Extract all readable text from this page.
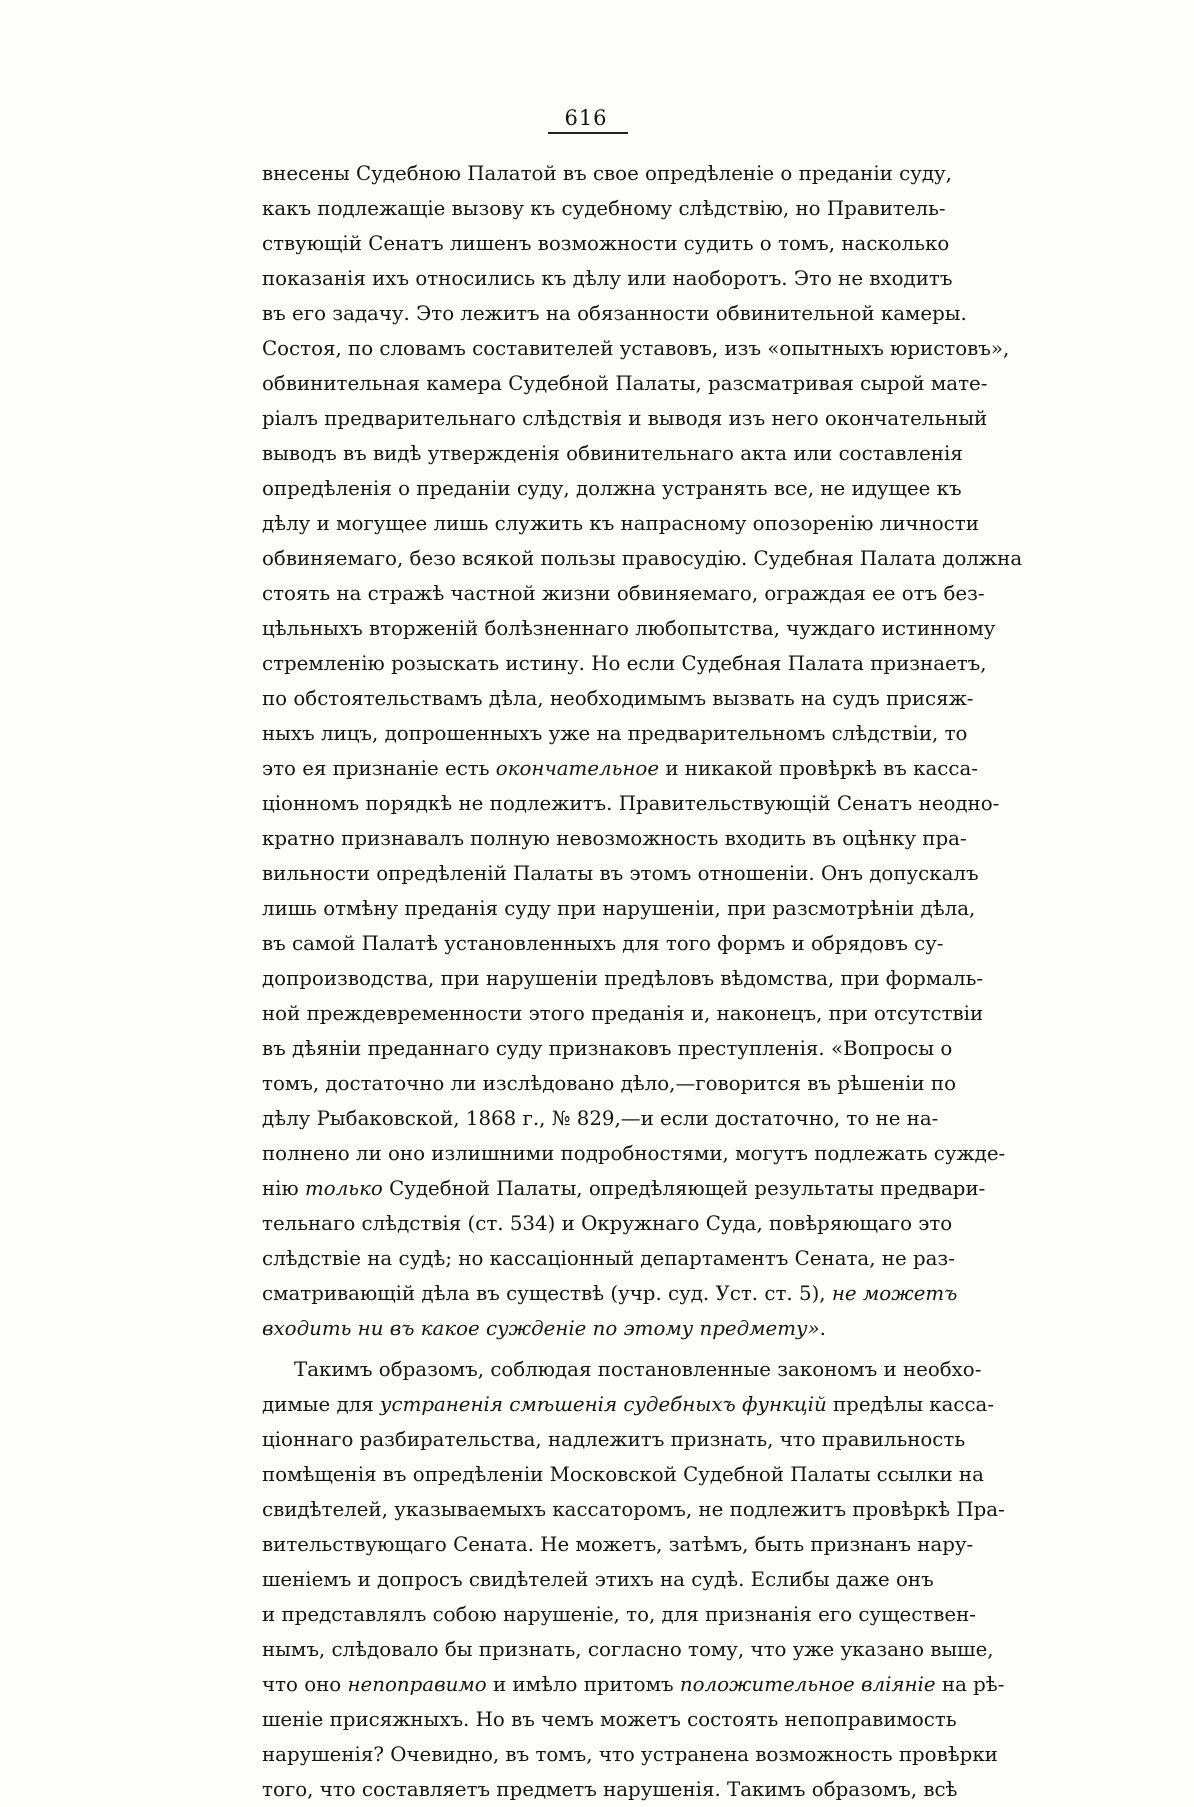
616
внесены Судебною Палатой въ свое опредѣленіе о преданіи суду,
какъ подлежащіе вызову къ судебному слѣдствію, но Правитель-
ствующій Сенатъ лишенъ возможности судить о томъ, насколько
показанія ихъ относились къ дѣлу или наоборотъ. Это не входитъ
въ его задачу. Это лежитъ на обязанности обвинительной камеры.
Состоя, по словамъ составителей уставовъ, изъ «опытныхъ юристовъ»,
обвинительная камера Судебной Палаты, разсматривая сырой мате-
ріалъ предварительнаго слѣдствія и выводя изъ него окончательный
выводъ въ видѣ утвержденія обвинительнаго акта или составленія
опредѣленія о преданіи суду, должна устранять все, не идущее къ
дѣлу и могущее лишь служить къ напрасному опозоренію личности
обвиняемаго, безо всякой пользы правосудію. Судебная Палата должна
стоять на стражѣ частной жизни обвиняемаго, ограждая ее отъ без-
цѣльныхъ вторженій болѣзненнаго любопытства, чуждаго истинному
стремленію розыскать истину. Но если Судебная Палата признаетъ,
по обстоятельствамъ дѣла, необходимымъ вызвать на судъ присяж-
ныхъ лицъ, допрошенныхъ уже на предварительномъ слѣдствіи, то
это ея признаніе есть окончательное и никакой провѣркѣ въ касса-
ціонномъ порядкѣ не подлежитъ. Правительствующій Сенатъ неодно-
кратно признавалъ полную невозможность входить въ оцѣнку пра-
вильности опредѣленій Палаты въ этомъ отношеніи. Онъ допускалъ
лишь отмѣну преданія суду при нарушеніи, при разсмотрѣніи дѣла,
въ самой Палатѣ установленныхъ для того формъ и обрядовъ су-
допроизводства, при нарушеніи предѣловъ вѣдомства, при формаль-
ной преждевременности этого преданія и, наконецъ, при отсутствіи
въ дѣяніи преданнаго суду признаковъ преступленія. «Вопросы о
томъ, достаточно ли изслѣдовано дѣло,—говорится въ рѣшеніи по
дѣлу Рыбаковской, 1868 г., № 829,—и если достаточно, то не на-
полнено ли оно излишними подробностями, могутъ подлежать сужде-
нію только Судебной Палаты, опредѣляющей результаты предвари-
тельнаго слѣдствія (ст. 534) и Окружнаго Суда, повѣряющаго это
слѣдствіе на судѣ; но кассаціонный департаментъ Сената, не раз-
сматривающій дѣла въ существѣ (учр. суд. Уст. ст. 5), не можетъ
входить ни въ какое сужденіе по этому предмету».
Такимъ образомъ, соблюдая постановленные закономъ и необхо-
димые для устраненія смѣшенія судебныхъ функцій предѣлы касса-
ціоннаго разбирательства, надлежитъ признать, что правильность
помѣщенія въ опредѣленіи Московской Судебной Палаты ссылки на
свидѣтелей, указываемыхъ кассаторомъ, не подлежитъ провѣркѣ Пра-
вительствующаго Сената. Не можетъ, затѣмъ, быть признанъ нару-
шеніемъ и допросъ свидѣтелей этихъ на судѣ. Еслибы даже онъ
и представлялъ собою нарушеніе, то, для признанія его существен-
нымъ, слѣдовало бы признать, согласно тому, что уже указано выше,
что оно непоправимо и имѣло притомъ положительное вліяніе на рѣ-
шеніе присяжныхъ. Но въ чемъ можетъ состоять непоправимость
нарушенія? Очевидно, въ томъ, что устранена возможность провѣрки
того, что составляетъ предметъ нарушенія. Такимъ образомъ, всѣ
